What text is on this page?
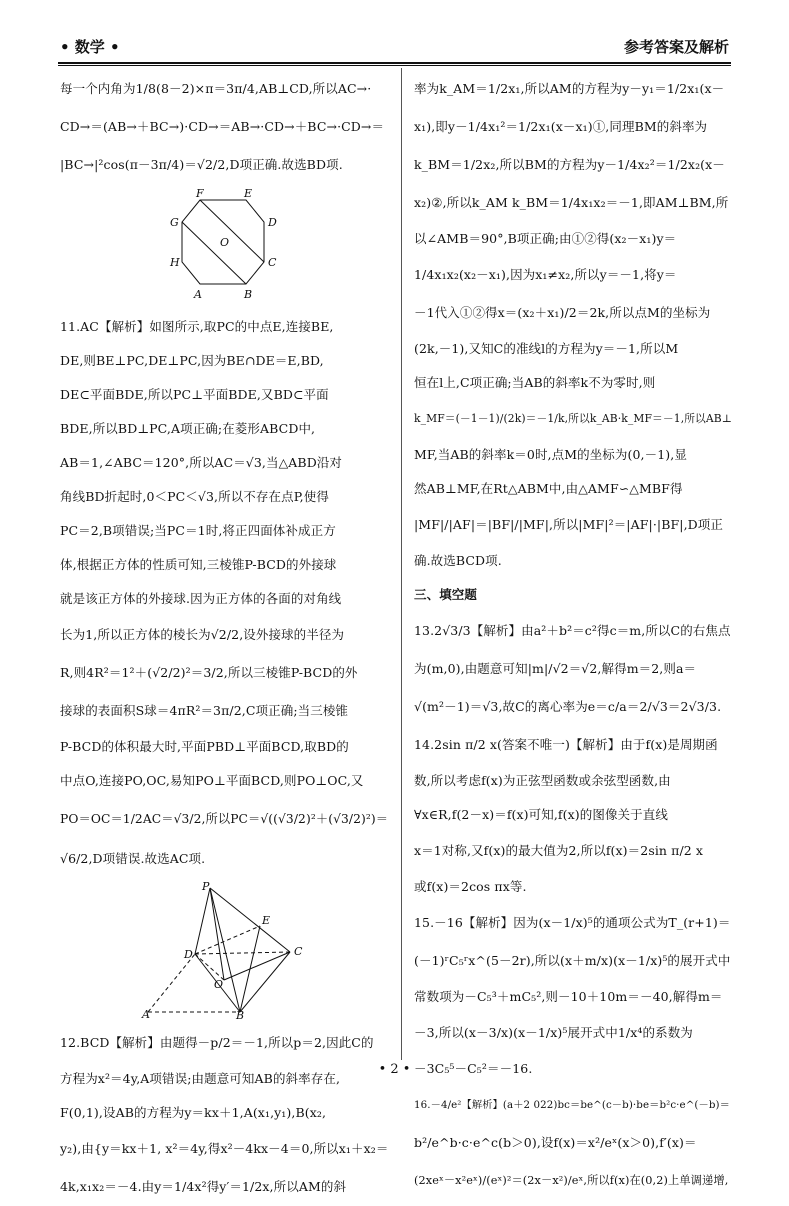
• 数学 •	参考答案及解析
每一个内角为1/8(8－2)×π＝3π/4,AB⊥CD,所以AC→·
CD→＝(AB→＋BC→)·CD→＝AB→·CD→＋BC→·CD→＝
|BC→|²cos(π－3π/4)＝√2/2,D项正确.故选BD项.
F	E
G	D
H	C
A	B
O
11.AC【解析】如图所示,取PC的中点E,连接BE,
DE,则BE⊥PC,DE⊥PC,因为BE∩DE＝E,BD,
DE⊂平面BDE,所以PC⊥平面BDE,又BD⊂平面
BDE,所以BD⊥PC,A项正确;在菱形ABCD中,
AB＝1,∠ABC＝120°,所以AC＝√3,当△ABD沿对
角线BD折起时,0＜PC＜√3,所以不存在点P,使得
PC＝2,B项错误;当PC＝1时,将正四面体补成正方
体,根据正方体的性质可知,三棱锥P-BCD的外接球
就是该正方体的外接球.因为正方体的各面的对角线
长为1,所以正方体的棱长为√2/2,设外接球的半径为
R,则4R²＝1²＋(√2/2)²＝3/2,所以三棱锥P-BCD的外
接球的表面积S球＝4πR²＝3π/2,C项正确;当三棱锥
P-BCD的体积最大时,平面PBD⊥平面BCD,取BD的
中点O,连接PO,OC,易知PO⊥平面BCD,则PO⊥OC,又
PO＝OC＝1/2AC＝√3/2,所以PC＝√((√3/2)²＋(√3/2)²)＝
√6/2,D项错误.故选AC项.
P
E
D	C
O
A	B
12.BCD【解析】由题得－p/2＝－1,所以p＝2,因此C的
方程为x²＝4y,A项错误;由题意可知AB的斜率存在,
F(0,1),设AB的方程为y＝kx＋1,A(x₁,y₁),B(x₂,
y₂),由{y＝kx＋1, x²＝4y,得x²－4kx－4＝0,所以x₁＋x₂＝
4k,x₁x₂＝－4.由y＝1/4x²得y′＝1/2x,所以AM的斜
率为k_AM＝1/2x₁,所以AM的方程为y－y₁＝1/2x₁(x－
x₁),即y－1/4x₁²＝1/2x₁(x－x₁)①,同理BM的斜率为
k_BM＝1/2x₂,所以BM的方程为y－1/4x₂²＝1/2x₂(x－
x₂)②,所以k_AM k_BM＝1/4x₁x₂＝－1,即AM⊥BM,所
以∠AMB＝90°,B项正确;由①②得(x₂－x₁)y＝
1/4x₁x₂(x₂－x₁),因为x₁≠x₂,所以y＝－1,将y＝
－1代入①②得x＝(x₂＋x₁)/2＝2k,所以点M的坐标为
(2k,－1),又知C的准线l的方程为y＝－1,所以M
恒在l上,C项正确;当AB的斜率k不为零时,则
k_MF＝(－1－1)/(2k)＝－1/k,所以k_AB·k_MF＝－1,所以AB⊥
MF,当AB的斜率k＝0时,点M的坐标为(0,－1),显
然AB⊥MF,在Rt△ABM中,由△AMF∽△MBF得
|MF|/|AF|＝|BF|/|MF|,所以|MF|²＝|AF|·|BF|,D项正
确.故选BCD项.
三、填空题
13.2√3/3【解析】由a²＋b²＝c²得c＝m,所以C的右焦点
为(m,0),由题意可知|m|/√2＝√2,解得m＝2,则a＝
√(m²－1)＝√3,故C的离心率为e＝c/a＝2/√3＝2√3/3.
14.2sin π/2 x(答案不唯一)【解析】由于f(x)是周期函
数,所以考虑f(x)为正弦型函数或余弦型函数,由
∀x∈R,f(2－x)＝f(x)可知,f(x)的图像关于直线
x＝1对称,又f(x)的最大值为2,所以f(x)＝2sin π/2 x
或f(x)＝2cos πx等.
15.－16【解析】因为(x－1/x)⁵的通项公式为T_(r+1)＝
(－1)ʳC₅ʳx^(5－2r),所以(x＋m/x)(x－1/x)⁵的展开式中
常数项为－C₅³＋mC₅²,则－10＋10m＝－40,解得m＝
－3,所以(x－3/x)(x－1/x)⁵展开式中1/x⁴的系数为
－3C₅⁵－C₅²＝－16.
16.－4/e²【解析】(a＋2 022)bc＝be^(c－b)·be＝b²c·e^(－b)＝
b²/e^b·c·e^c(b＞0),设f(x)＝x²/eˣ(x＞0),f′(x)＝
(2xeˣ－x²eˣ)/(eˣ)²＝(2x－x²)/eˣ,所以f(x)在(0,2)上单调递增,
• 2 •
